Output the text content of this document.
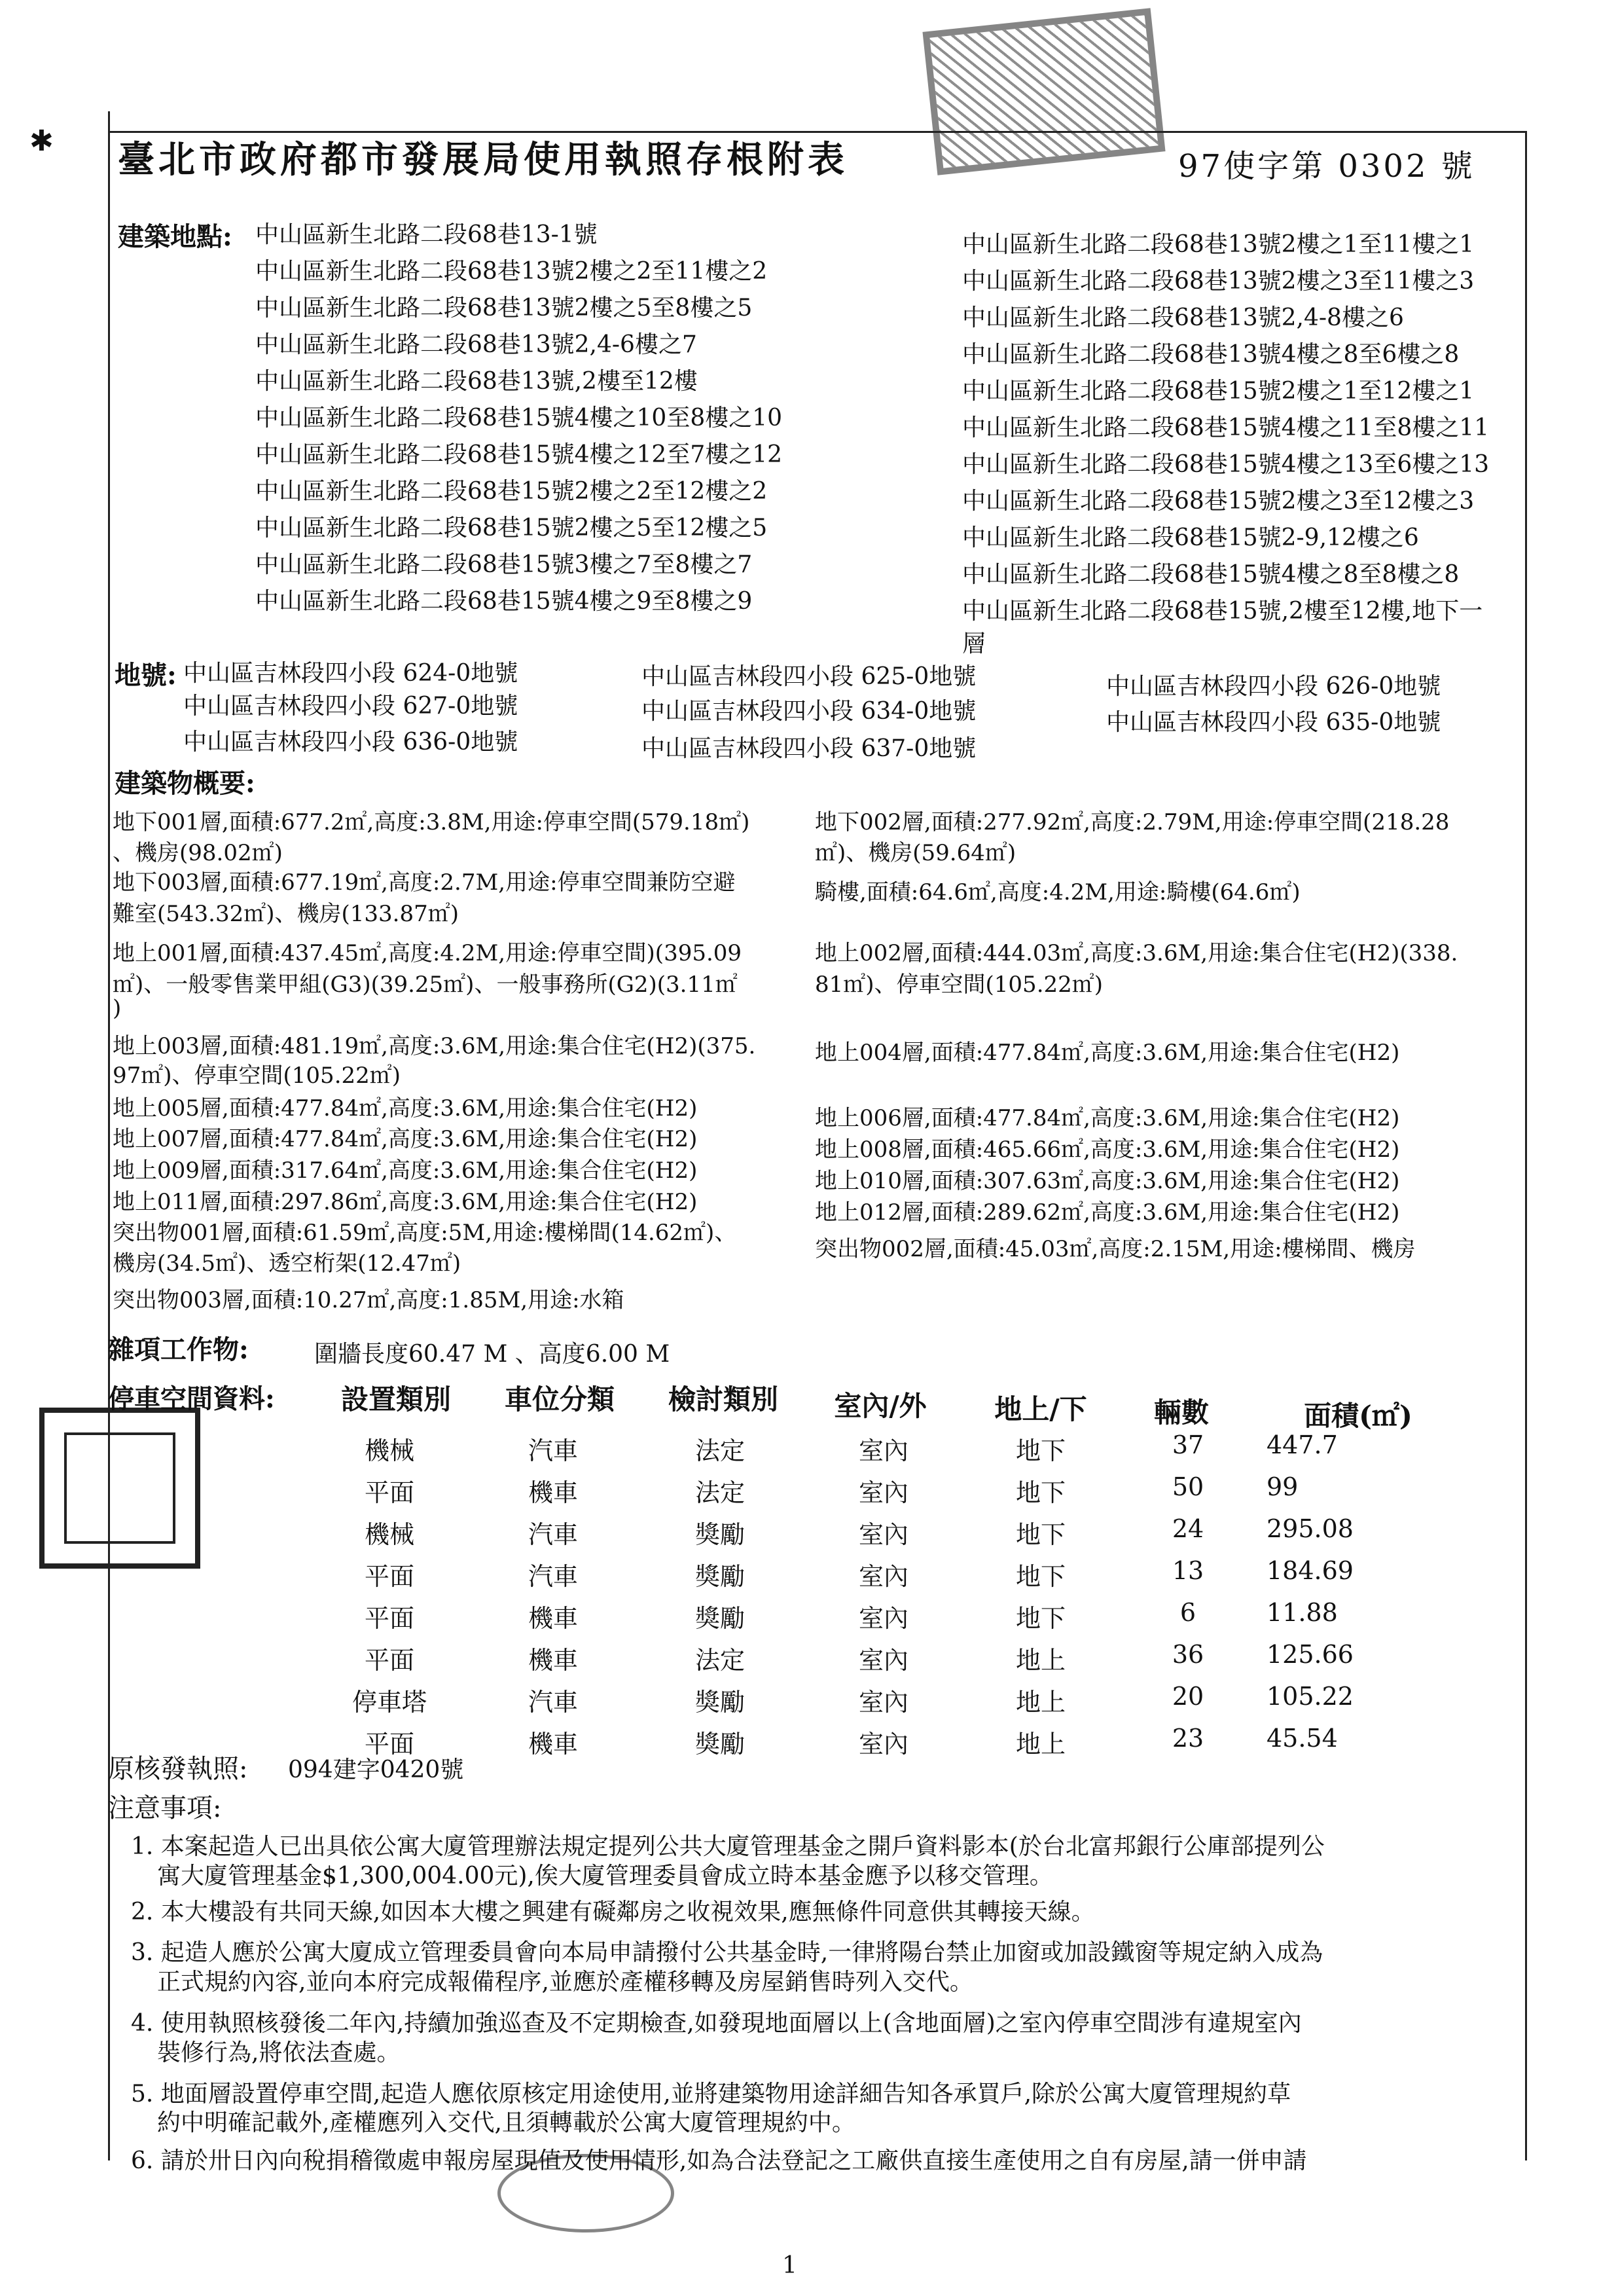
✱ 臺北市政府都市發展局使用執照存根附表	97使字第 0302 號
建築地點: 中山區新生北路二段68巷13-1號
中山區新生北路二段68巷13號2樓之2至11樓之2
中山區新生北路二段68巷13號2樓之5至8樓之5
中山區新生北路二段68巷13號2,4-6樓之7
中山區新生北路二段68巷13號,2樓至12樓
中山區新生北路二段68巷15號4樓之10至8樓之10
中山區新生北路二段68巷15號4樓之12至7樓之12
中山區新生北路二段68巷15號2樓之2至12樓之2
中山區新生北路二段68巷15號2樓之5至12樓之5
中山區新生北路二段68巷15號3樓之7至8樓之7
中山區新生北路二段68巷15號4樓之9至8樓之9
中山區新生北路二段68巷13號2樓之1至11樓之1
中山區新生北路二段68巷13號2樓之3至11樓之3
中山區新生北路二段68巷13號2,4-8樓之6
中山區新生北路二段68巷13號4樓之8至6樓之8
中山區新生北路二段68巷15號2樓之1至12樓之1
中山區新生北路二段68巷15號4樓之11至8樓之11
中山區新生北路二段68巷15號4樓之13至6樓之13
中山區新生北路二段68巷15號2樓之3至12樓之3
中山區新生北路二段68巷15號2-9,12樓之6
中山區新生北路二段68巷15號4樓之8至8樓之8
中山區新生北路二段68巷15號,2樓至12樓,地下一
層
地號: 中山區吉林段四小段 624-0地號	中山區吉林段四小段 625-0地號	中山區吉林段四小段 626-0地號
中山區吉林段四小段 627-0地號	中山區吉林段四小段 634-0地號	中山區吉林段四小段 635-0地號
中山區吉林段四小段 636-0地號	中山區吉林段四小段 637-0地號
建築物概要:
地下001層,面積:677.2㎡,高度:3.8M,用途:停車空間(579.18㎡)
、機房(98.02㎡)
地下003層,面積:677.19㎡,高度:2.7M,用途:停車空間兼防空避
難室(543.32㎡)、機房(133.87㎡)
地上001層,面積:437.45㎡,高度:4.2M,用途:停車空間)(395.09
㎡)、一般零售業甲組(G3)(39.25㎡)、一般事務所(G2)(3.11㎡
)
地上003層,面積:481.19㎡,高度:3.6M,用途:集合住宅(H2)(375.
97㎡)、停車空間(105.22㎡)
地上005層,面積:477.84㎡,高度:3.6M,用途:集合住宅(H2)
地上007層,面積:477.84㎡,高度:3.6M,用途:集合住宅(H2)
地上009層,面積:317.64㎡,高度:3.6M,用途:集合住宅(H2)
地上011層,面積:297.86㎡,高度:3.6M,用途:集合住宅(H2)
突出物001層,面積:61.59㎡,高度:5M,用途:樓梯間(14.62㎡)、
機房(34.5㎡)、透空桁架(12.47㎡)
突出物003層,面積:10.27㎡,高度:1.85M,用途:水箱
地下002層,面積:277.92㎡,高度:2.79M,用途:停車空間(218.28
㎡)、機房(59.64㎡)
騎樓,面積:64.6㎡,高度:4.2M,用途:騎樓(64.6㎡)
地上002層,面積:444.03㎡,高度:3.6M,用途:集合住宅(H2)(338.
81㎡)、停車空間(105.22㎡)
地上004層,面積:477.84㎡,高度:3.6M,用途:集合住宅(H2)
地上006層,面積:477.84㎡,高度:3.6M,用途:集合住宅(H2)
地上008層,面積:465.66㎡,高度:3.6M,用途:集合住宅(H2)
地上010層,面積:307.63㎡,高度:3.6M,用途:集合住宅(H2)
地上012層,面積:289.62㎡,高度:3.6M,用途:集合住宅(H2)
突出物002層,面積:45.03㎡,高度:2.15M,用途:樓梯間、機房
雜項工作物:	圍牆長度60.47 M 、高度6.00 M
停車空間資料:	設置類別	車位分類	檢討類別	室內/外	地上/下	輛數	面積(㎡)
機械	汽車	法定	室內	地下	37	447.7
平面	機車	法定	室內	地下	50	99
機械	汽車	獎勵	室內	地下	24	295.08
平面	汽車	獎勵	室內	地下	13	184.69
平面	機車	獎勵	室內	地下	6	11.88
平面	機車	法定	室內	地上	36	125.66
停車塔	汽車	獎勵	室內	地上	20	105.22
平面	機車	獎勵	室內	地上	23	45.54
原核發執照: 094建字0420號
注意事項:
1. 本案起造人已出具依公寓大廈管理辦法規定提列公共大廈管理基金之開戶資料影本(於台北富邦銀行公庫部提列公
寓大廈管理基金$1,300,004.00元),俟大廈管理委員會成立時本基金應予以移交管理。
2. 本大樓設有共同天線,如因本大樓之興建有礙鄰房之收視效果,應無條件同意供其轉接天線。
3. 起造人應於公寓大廈成立管理委員會向本局申請撥付公共基金時,一律將陽台禁止加窗或加設鐵窗等規定納入成為
正式規約內容,並向本府完成報備程序,並應於產權移轉及房屋銷售時列入交代。
4. 使用執照核發後二年內,持續加強巡查及不定期檢查,如發現地面層以上(含地面層)之室內停車空間涉有違規室內
裝修行為,將依法查處。
5. 地面層設置停車空間,起造人應依原核定用途使用,並將建築物用途詳細告知各承買戶,除於公寓大廈管理規約草
約中明確記載外,產權應列入交代,且須轉載於公寓大廈管理規約中。
6. 請於卅日內向稅捐稽徵處申報房屋現值及使用情形,如為合法登記之工廠供直接生產使用之自有房屋,請一併申請
1
